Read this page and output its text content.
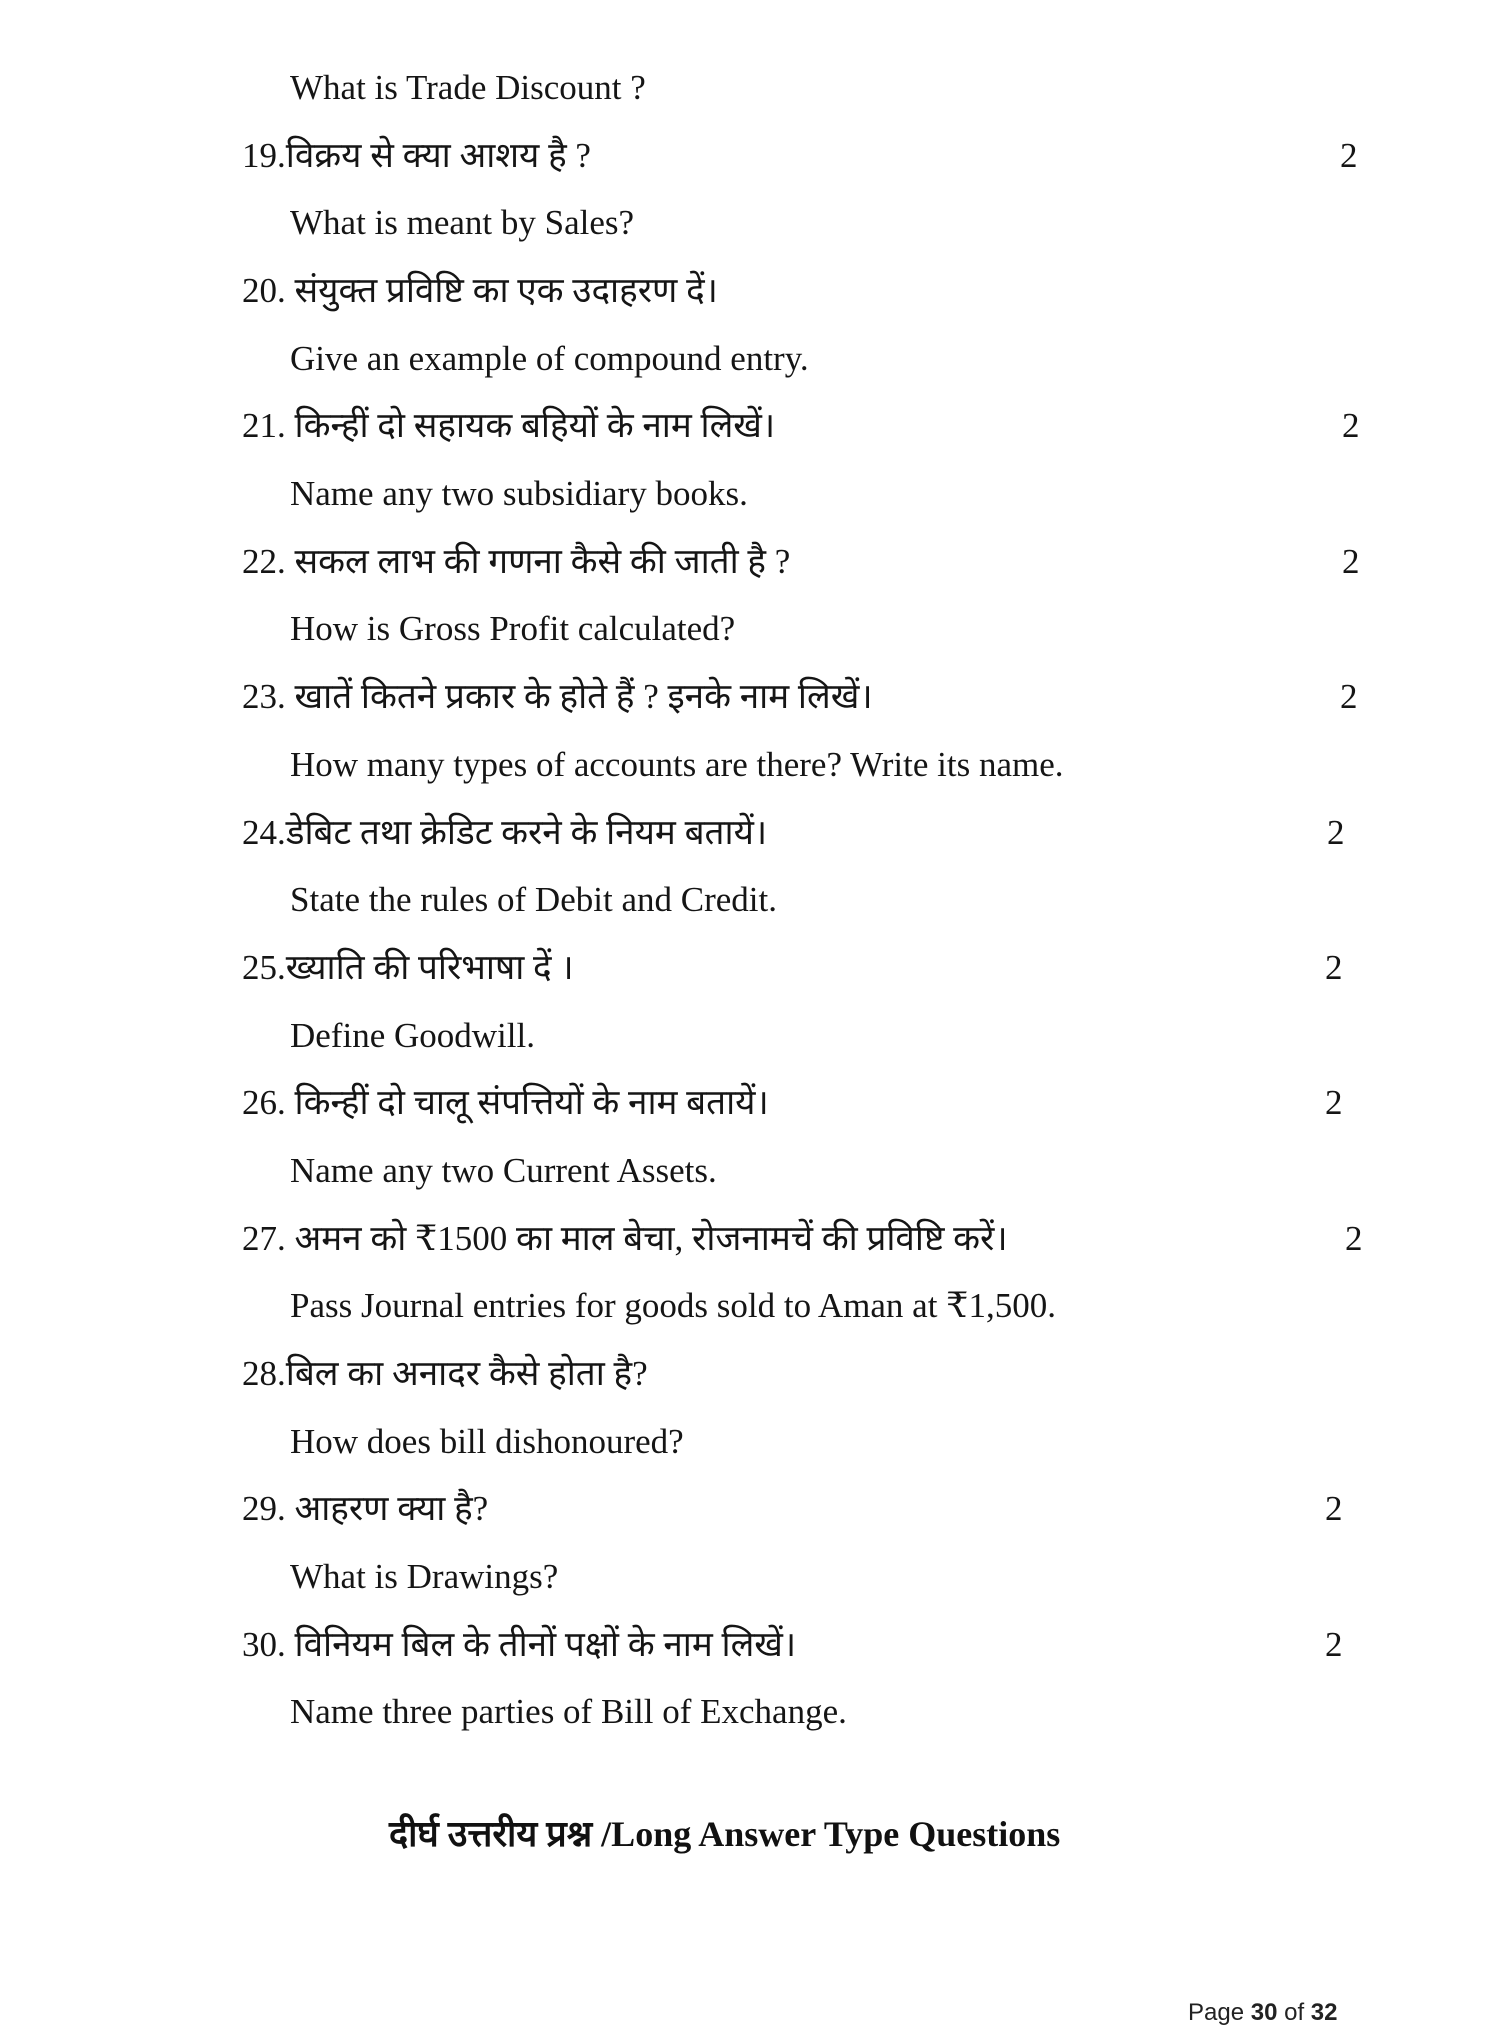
What is Trade Discount ?
19.विक्रय से क्या आशय है ?	2
What is meant by Sales?
20. संयुक्त प्रविष्टि का एक उदाहरण दें।
Give an example of compound entry.
21. किन्हीं दो सहायक बहियों के नाम लिखें।	2
Name any two subsidiary books.
22. सकल लाभ की गणना कैसे की जाती है ?	2
How is Gross Profit calculated?
23. खातें कितने प्रकार के होते हैं ? इनके नाम लिखें।	2
How many types of accounts are there? Write its name.
24.डेबिट तथा क्रेडिट करने के नियम बतायें।	2
State the rules of Debit and Credit.
25.ख्याति की परिभाषा दें ।	2
Define Goodwill.
26. किन्हीं दो चालू संपत्तियों के नाम बतायें।	2
Name any two Current Assets.
27. अमन को ₹1500 का माल बेचा, रोजनामचें की प्रविष्टि करें।	2
Pass Journal entries for goods sold to Aman at ₹1,500.
28.बिल का अनादर कैसे होता है?
How does bill dishonoured?
29. आहरण क्या है?	2
What is Drawings?
30. विनियम बिल के तीनों पक्षों के नाम लिखें।	2
Name three parties of Bill of Exchange.
दीर्घ उत्तरीय प्रश्न /Long Answer Type Questions
Page 30 of 32
